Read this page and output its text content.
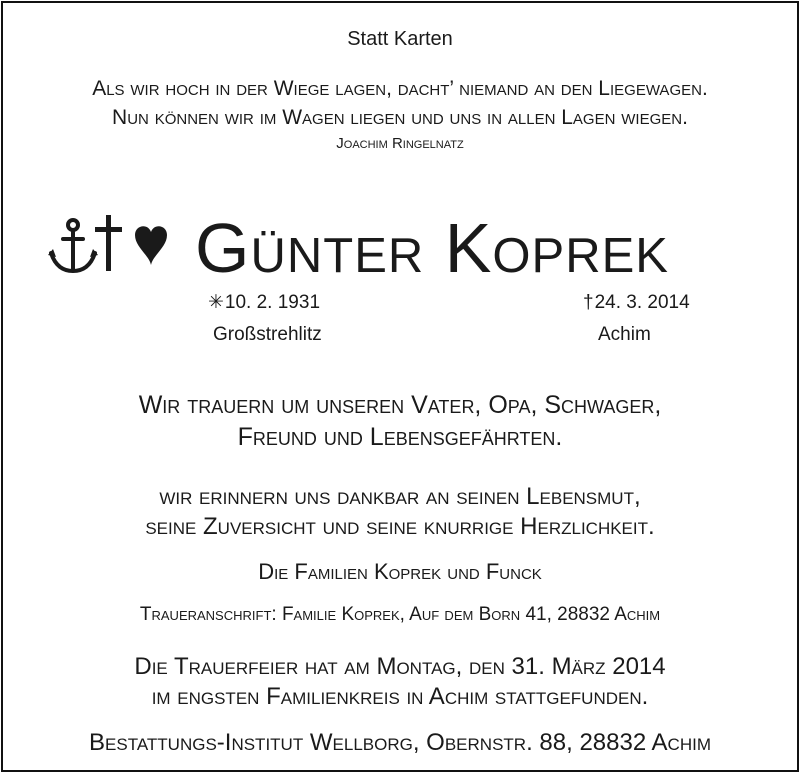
Statt Karten
Als wir hoch in der Wiege lagen, dacht’ niemand an den Liegewagen.
Nun können wir im Wagen liegen und uns in allen Lagen wiegen.
Joachim Ringelnatz
Günter Koprek
✳10. 2. 1931
Großstrehlitz
†24. 3. 2014
Achim
Wir trauern um unseren Vater, Opa, Schwager,
Freund und Lebensgefährten.
wir erinnern uns dankbar an seinen Lebensmut,
seine Zuversicht und seine knurrige Herzlichkeit.
Die Familien Koprek und Funck
Traueranschrift: Familie Koprek, Auf dem Born 41, 28832 Achim
Die Trauerfeier hat am Montag, den 31. März 2014
im engsten Familienkreis in Achim stattgefunden.
Bestattungs-Institut Wellborg, Obernstr. 88, 28832 Achim
